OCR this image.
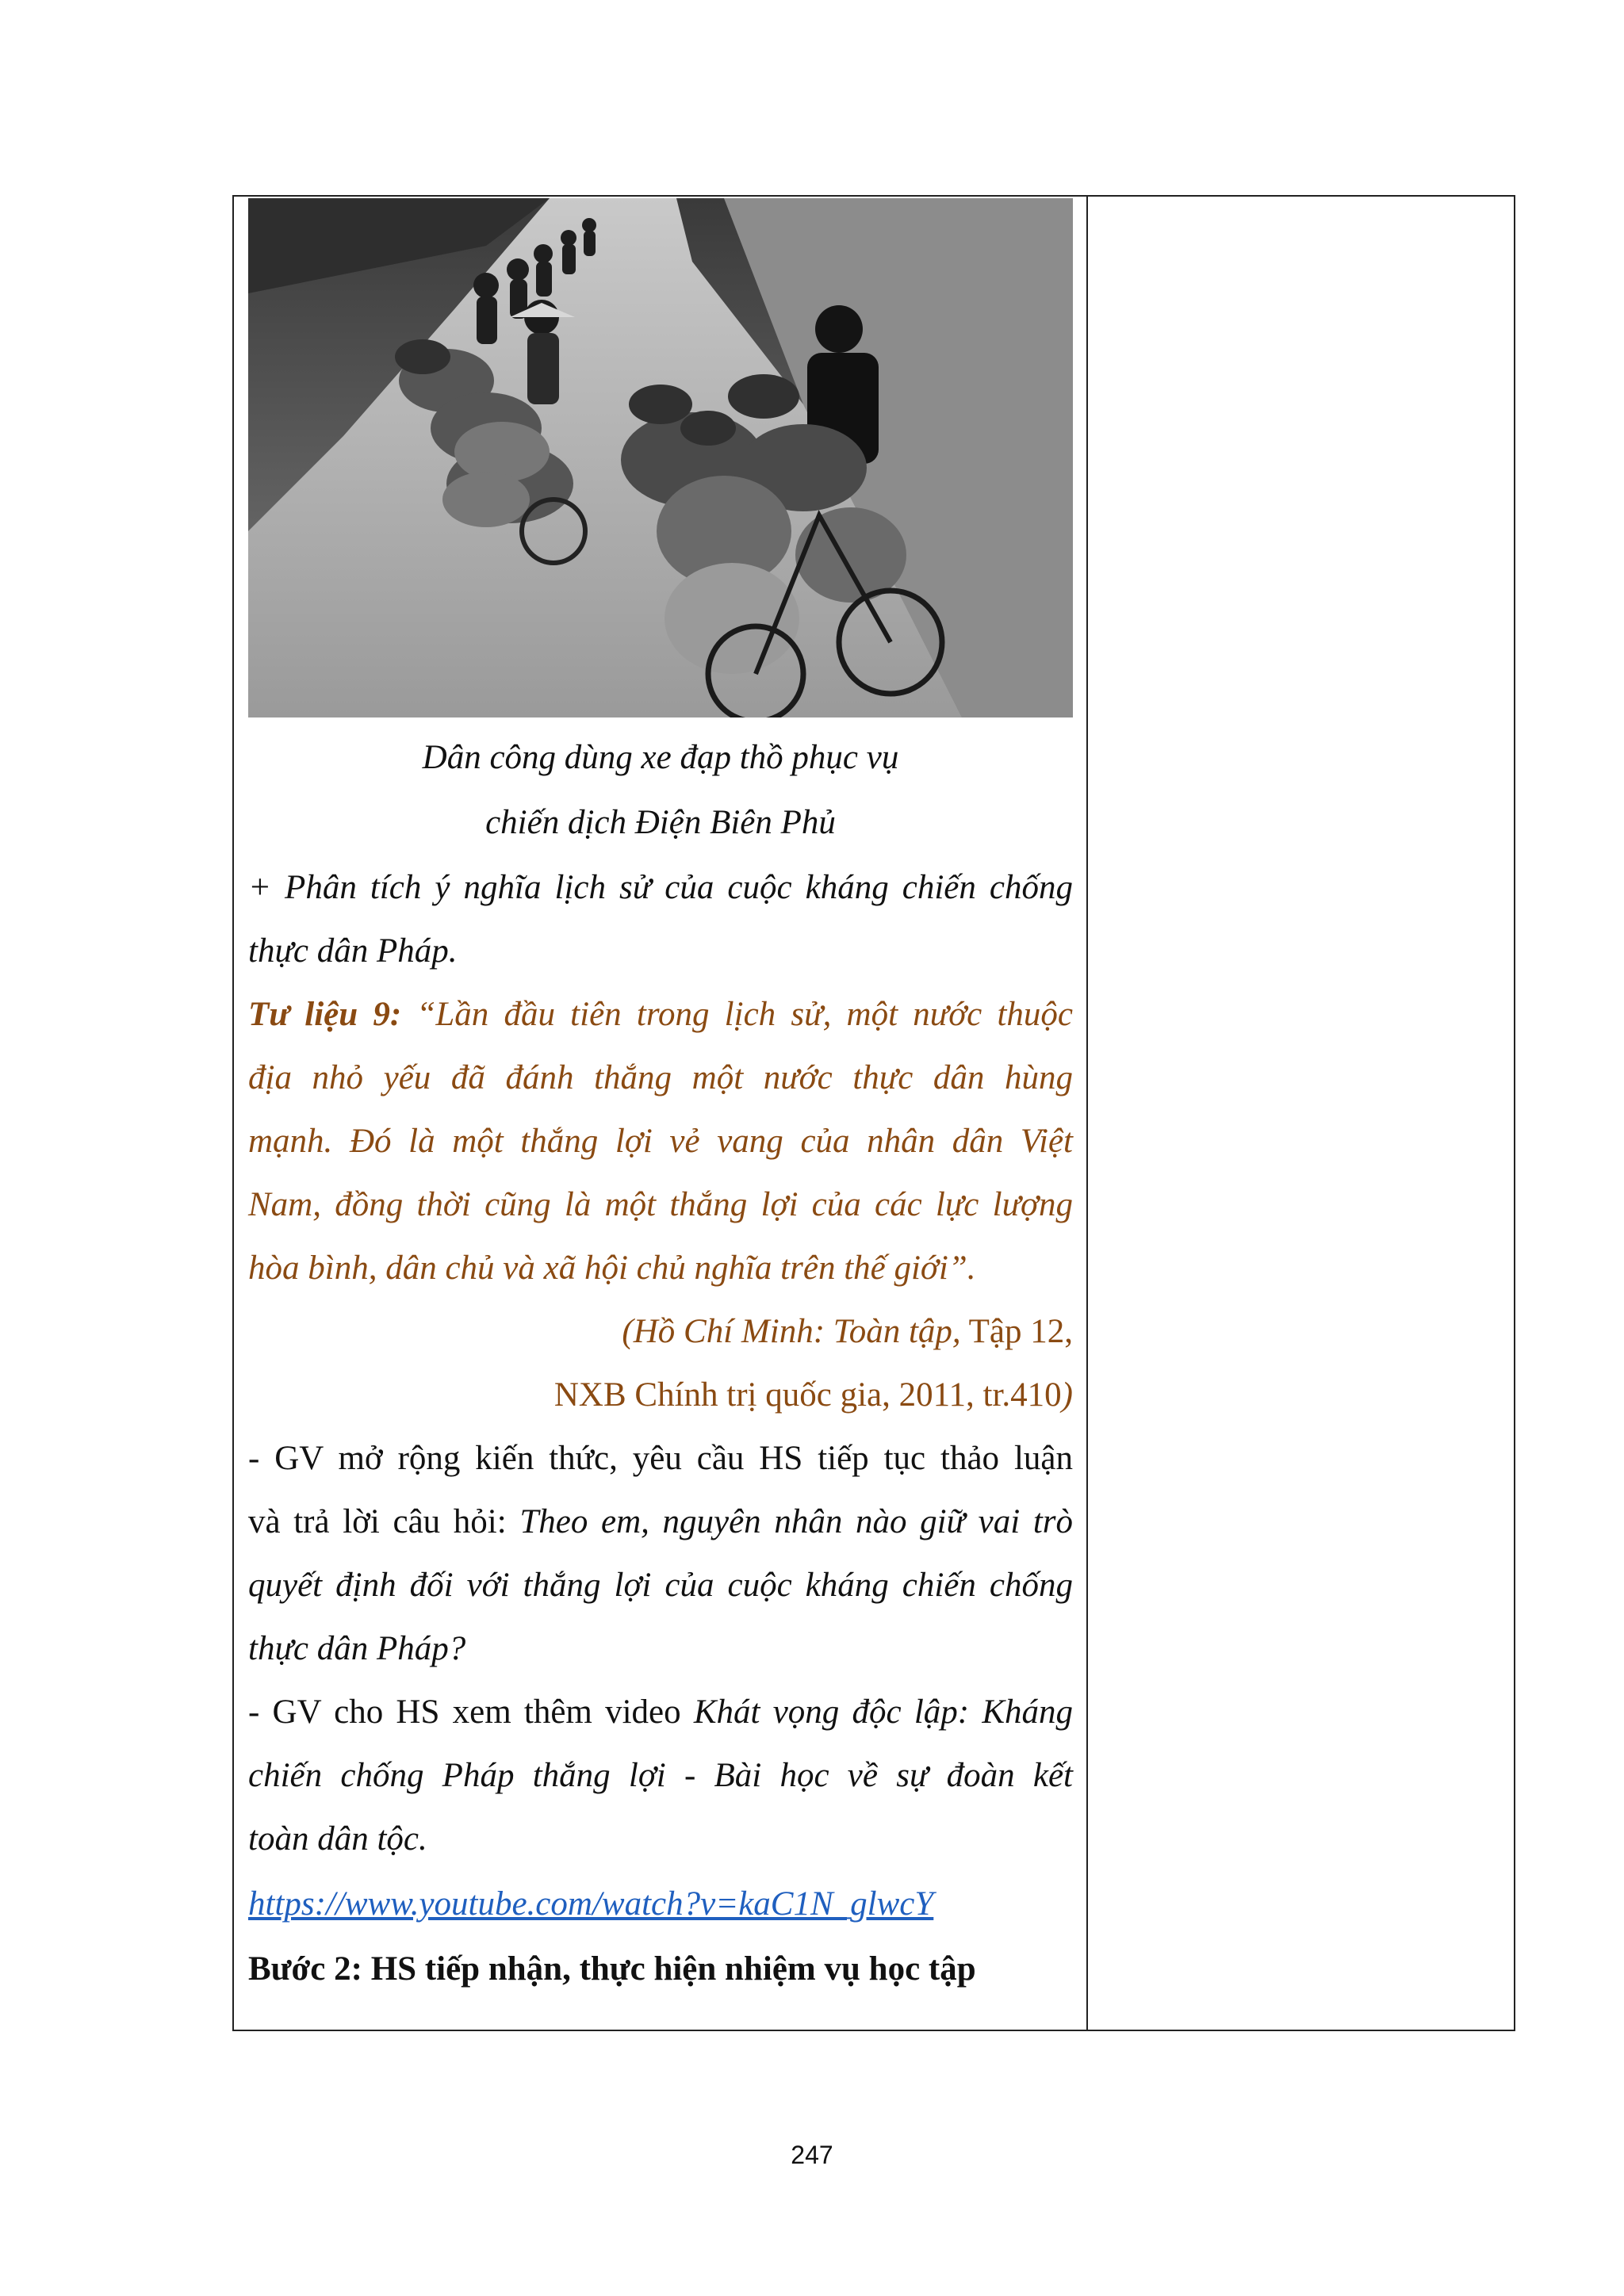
Dân công dùng xe đạp thồ phục vụ
chiến dịch Điện Biên Phủ
+ Phân tích ý nghĩa lịch sử của cuộc kháng chiến chống
thực dân Pháp.
Tư liệu 9: “Lần đầu tiên trong lịch sử, một nước thuộc
địa nhỏ yếu đã đánh thắng một nước thực dân hùng
mạnh. Đó là một thắng lợi vẻ vang của nhân dân Việt
Nam, đồng thời cũng là một thắng lợi của các lực lượng
hòa bình, dân chủ và xã hội chủ nghĩa trên thế giới”.
(Hồ Chí Minh: Toàn tập, Tập 12,
NXB Chính trị quốc gia, 2011, tr.410)
- GV mở rộng kiến thức, yêu cầu HS tiếp tục thảo luận
và trả lời câu hỏi: Theo em, nguyên nhân nào giữ vai trò
quyết định đối với thắng lợi của cuộc kháng chiến chống
thực dân Pháp?
- GV cho HS xem thêm video Khát vọng độc lập: Kháng
chiến chống Pháp thắng lợi - Bài học về sự đoàn kết
toàn dân tộc.
https://www.youtube.com/watch?v=kaC1N_glwcY
Bước 2: HS tiếp nhận, thực hiện nhiệm vụ học tập
247
